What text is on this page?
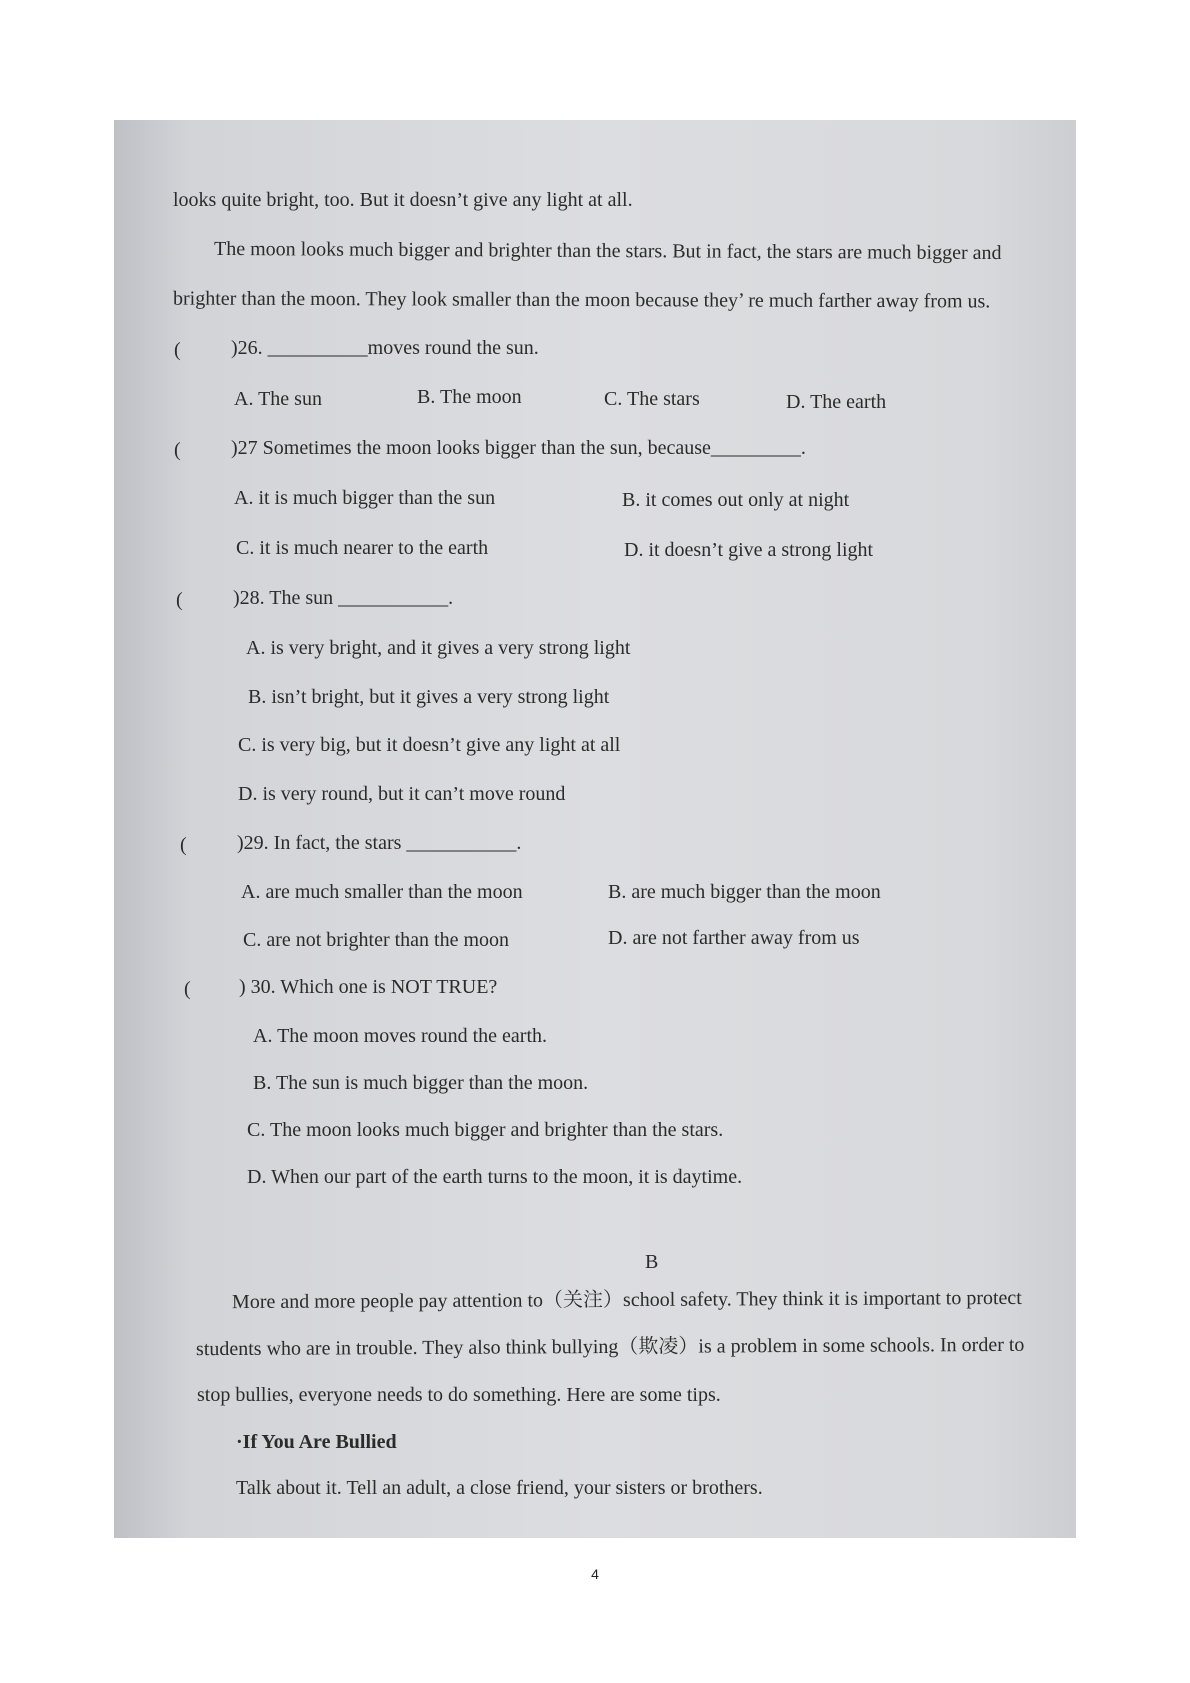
looks quite bright, too. But it doesn’t give any light at all.
The moon looks much bigger and brighter than the stars. But in fact, the stars are much bigger and
brighter than the moon. They look smaller than the moon because they’ re much farther away from us.
(	)26. __________moves round the sun.
A. The sun	B. The moon	C. The stars	D. The earth
(	)27 Sometimes the moon looks bigger than the sun, because_________.
A. it is much bigger than the sun	B. it comes out only at night
C. it is much nearer to the earth	D. it doesn’t give a strong light
(	)28. The sun ___________.
A. is very bright, and it gives a very strong light
B. isn’t bright, but it gives a very strong light
C. is very big, but it doesn’t give any light at all
D. is very round, but it can’t move round
(	)29. In fact, the stars ___________.
A. are much smaller than the moon	B. are much bigger than the moon
C. are not brighter than the moon	D. are not farther away from us
( ) 30. Which one is NOT TRUE?
A. The moon moves round the earth.
B. The sun is much bigger than the moon.
C. The moon looks much bigger and brighter than the stars.
D. When our part of the earth turns to the moon, it is daytime.
B
More and more people pay attention to（关注）school safety. They think it is important to protect
students who are in trouble. They also think bullying（欺凌）is a problem in some schools. In order to
stop bullies, everyone needs to do something. Here are some tips.
·If You Are Bullied
Talk about it. Tell an adult, a close friend, your sisters or brothers.
4
